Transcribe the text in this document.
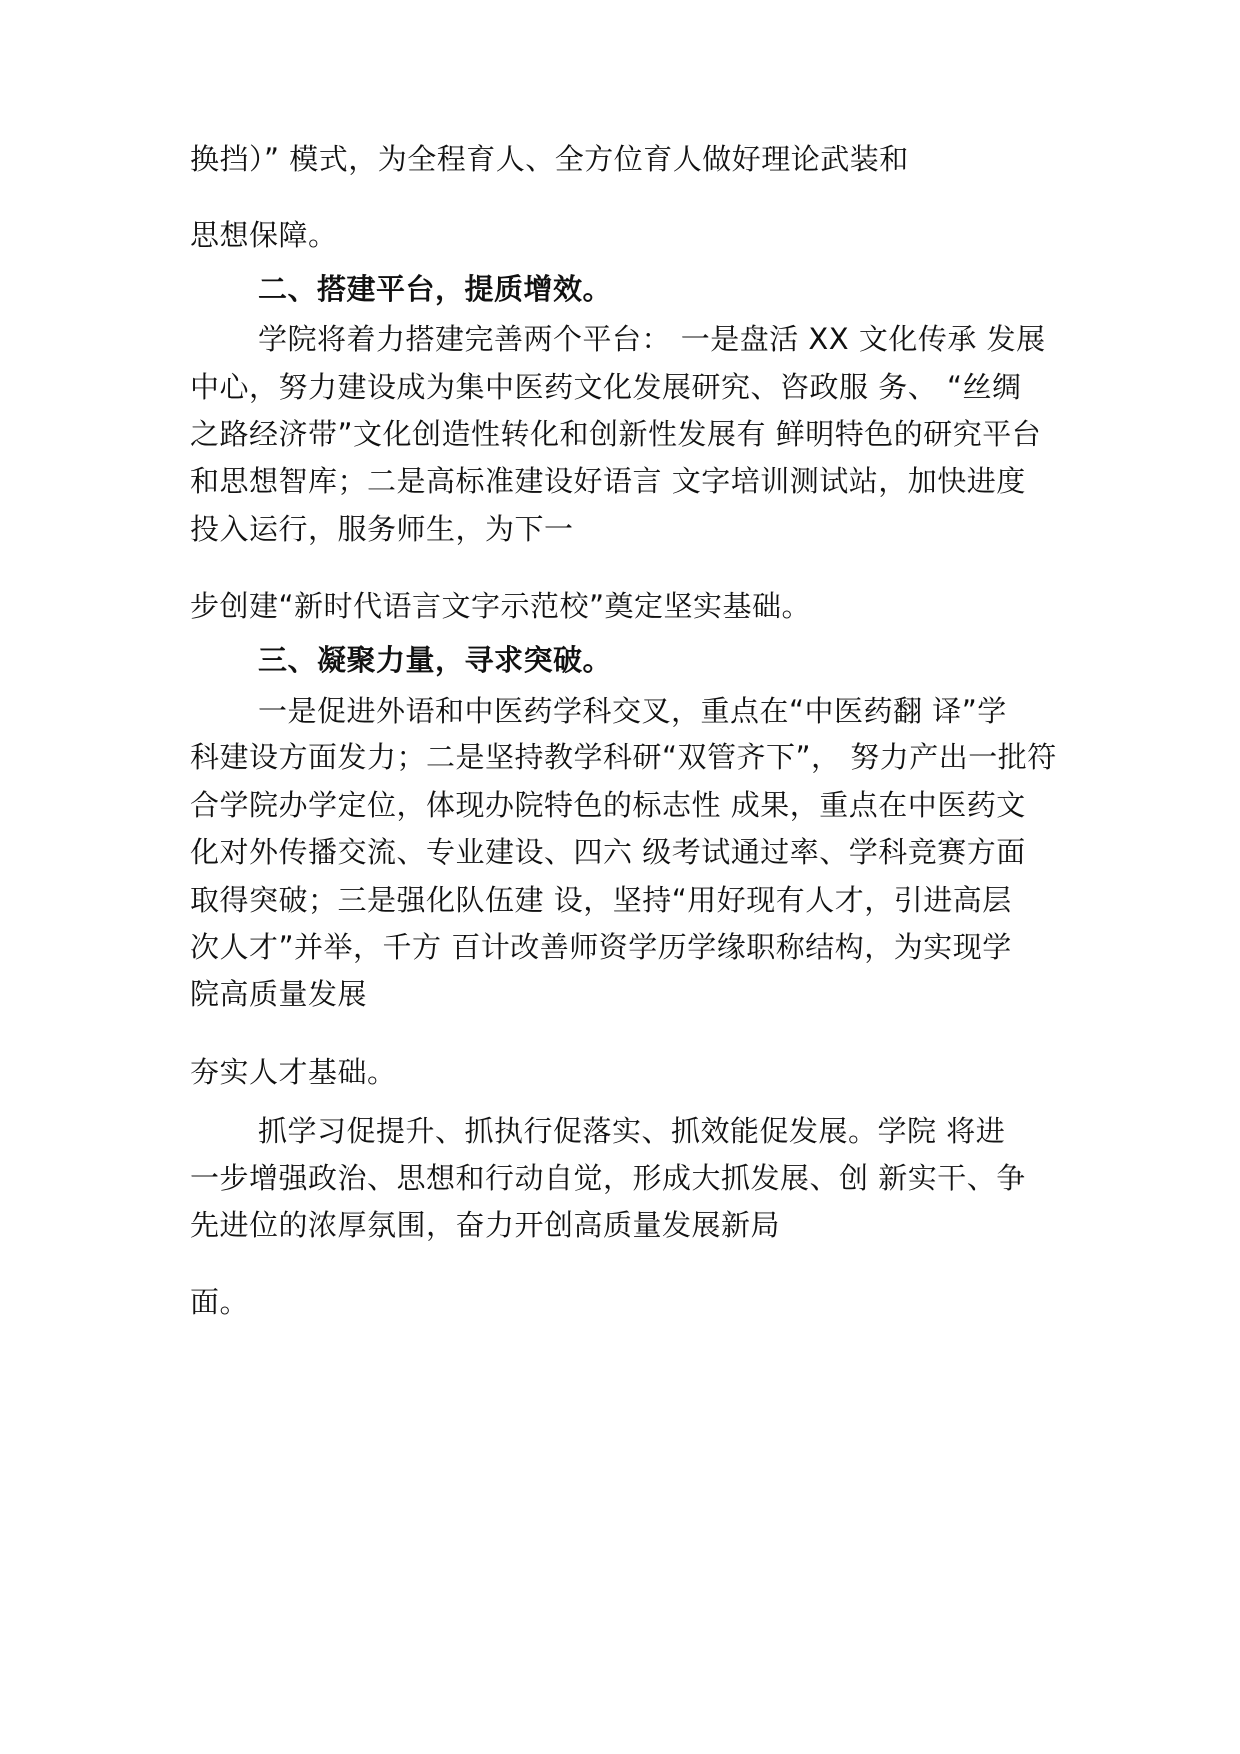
换挡）” 模式，为全程育人、全方位育人做好理论武装和
思想保障。
二、搭建平台，提质增效。
学院将着力搭建完善两个平台： 一是盘活 XX 文化传承 发展
中心，努力建设成为集中医药文化发展研究、咨政服 务、 “丝绸
之路经济带”文化创造性转化和创新性发展有 鲜明特色的研究平台
和思想智库；二是高标准建设好语言 文字培训测试站，加快进度
投入运行，服务师生，为下一
步创建“新时代语言文字示范校”奠定坚实基础。
三、凝聚力量，寻求突破。
一是促进外语和中医药学科交叉，重点在“中医药翻 译”学
科建设方面发力；二是坚持教学科研“双管齐下”， 努力产出一批符
合学院办学定位，体现办院特色的标志性 成果，重点在中医药文
化对外传播交流、专业建设、四六 级考试通过率、学科竞赛方面
取得突破；三是强化队伍建 设，坚持“用好现有人才，引进高层
次人才”并举，千方 百计改善师资学历学缘职称结构，为实现学
院高质量发展
夯实人才基础。
抓学习促提升、抓执行促落实、抓效能促发展。学院 将进
一步增强政治、思想和行动自觉，形成大抓发展、创 新实干、争
先进位的浓厚氛围，奋力开创高质量发展新局
面。
